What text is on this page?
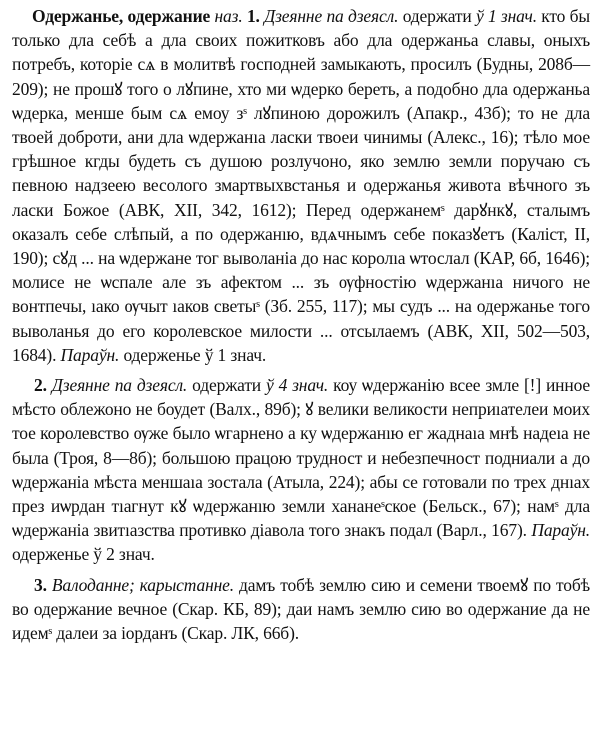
Одержанье, одержание наз. 1. Дзеянне па дзеясл. одержати ў 1 знач. кто бы только дла себѣ а дла своих пожитковъ або дла одержаньа славы, оныхъ потребъ, которіе сѧ в молитвѣ господней замыкають, просилъ (Будны, 208б—209); не прошꙋ того о лꙋпине, хто ми ѡдерко береть, а подобно дла одержаньа ѡдерка, менше бым сѧ емоу зˢ лꙋпиною дорожилъ (Апакр., 43б); то не дла твоей доброти, ани дла ѡдержанıа ласки твоеи чинимы (Алекс., 16); тѣло мое грѣшное кгды будеть съ душою розлучоно, яко землю земли поручаю съ певною надзеею весолого змартвыхвстанья и одержанья живота вѣчного зъ ласки Божое (АВК, XII, 342, 1612); Перед одержанемˢ дарꙋнкꙋ, сталымъ оказалъ себе слѣпый, а по одержанıю, вдѧчнымъ себе показꙋетъ (Каліст, II, 190); сꙋд ... на ѡдержане тог выволаніа до нас королıа ѡтослал (КАР, 6б, 1646); молисе не ѡспале але зъ афектом ... зъ ѹфностію ѡдержанıа ничого не вонтпечы, ıако ѹчыт ıаков светыˢ (Зб. 255, 117); мы судъ ... на одержанье того выволанья до его королевское милости ... отсылаемъ (АВК, XII, 502—503, 1684). Параўн. одерженье ў 1 знач.

2. Дзеянне па дзеясл. одержати ў 4 знач. коу ѡдержанію всее змле [!] инное мѣсто облежоно не боудет (Валх., 89б); ꙋ велики великости неприıателеи моих тое королевство ѹже было ѡгарнено а ку ѡдержанıю ег жаднаıа мнѣ надеıа не была (Троя, 8—8б); большою працою трудност и небезпечност подниали а до ѡдержаніа мѣста меншаıа зостала (Атыла, 224); абы се готовали по трех днıах през иѡрдан тıагнут кꙋ ѡдержанıю земли хананеˢское (Бельск., 67); намˢ дла ѡдержаніа звитıазства противко діавола того знакъ подал (Варл., 167). Параўн. одерженье ў 2 знач.

3. Валоданне; карыстанне. дамъ тобѣ землю сию и семени твоемꙋ по тобѣ во одержание вечное (Скар. КБ, 89); даи намъ землю сию во одержание да не идемˢ далеи за іорданъ (Скар. ЛК, 66б).
